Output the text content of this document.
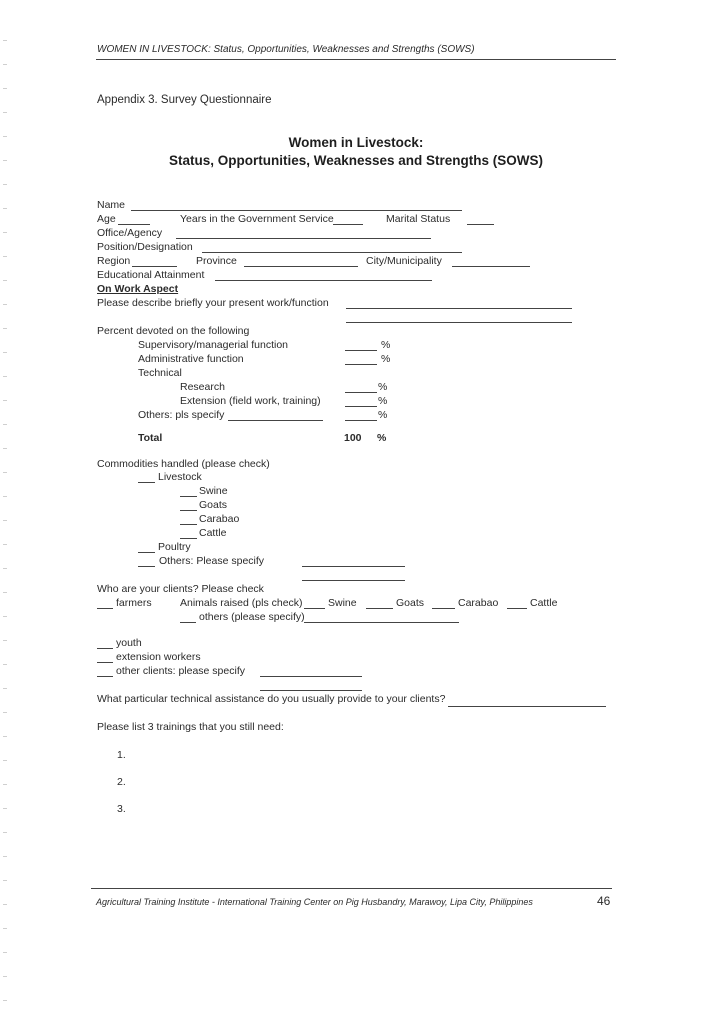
WOMEN IN LIVESTOCK: Status, Opportunities, Weaknesses and Strengths (SOWS)
Appendix 3. Survey Questionnaire
Women in Livestock:
Status, Opportunities, Weaknesses and Strengths (SOWS)
Name
Age	Years in the Government Service	Marital Status
Office/Agency
Position/Designation
Region	Province	City/Municipality
Educational Attainment
On Work Aspect
Please describe briefly your present work/function
Percent devoted on the following
Supervisory/managerial function	%
Administrative function	%
Technical
Research	%
Extension (field work, training)	%
Others: pls specify	%
Total	100 %
Commodities handled (please check)
Livestock
Swine
Goats
Carabao
Cattle
Poultry
Others: Please specify
Who are your clients? Please check
farmers	Animals raised (pls check) Swine	Goats	Carabao	Cattle
others (please specify)
youth
extension workers
other clients: please specify
What particular technical assistance do you usually provide to your clients?
Please list 3 trainings that you still need:
1.
2.
3.
Agricultural Training Institute - International Training Center on Pig Husbandry, Marawoy, Lipa City, Philippines	46
